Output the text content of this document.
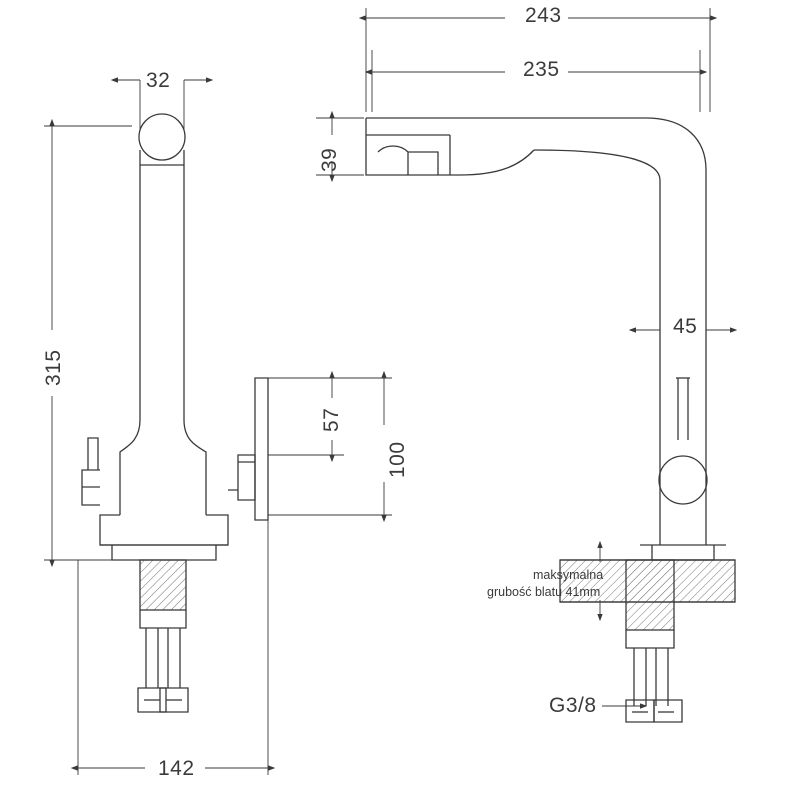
243
235
39
32
315
45
57
100
142
G3/8
maksymalna
grubość blatu 41mm
